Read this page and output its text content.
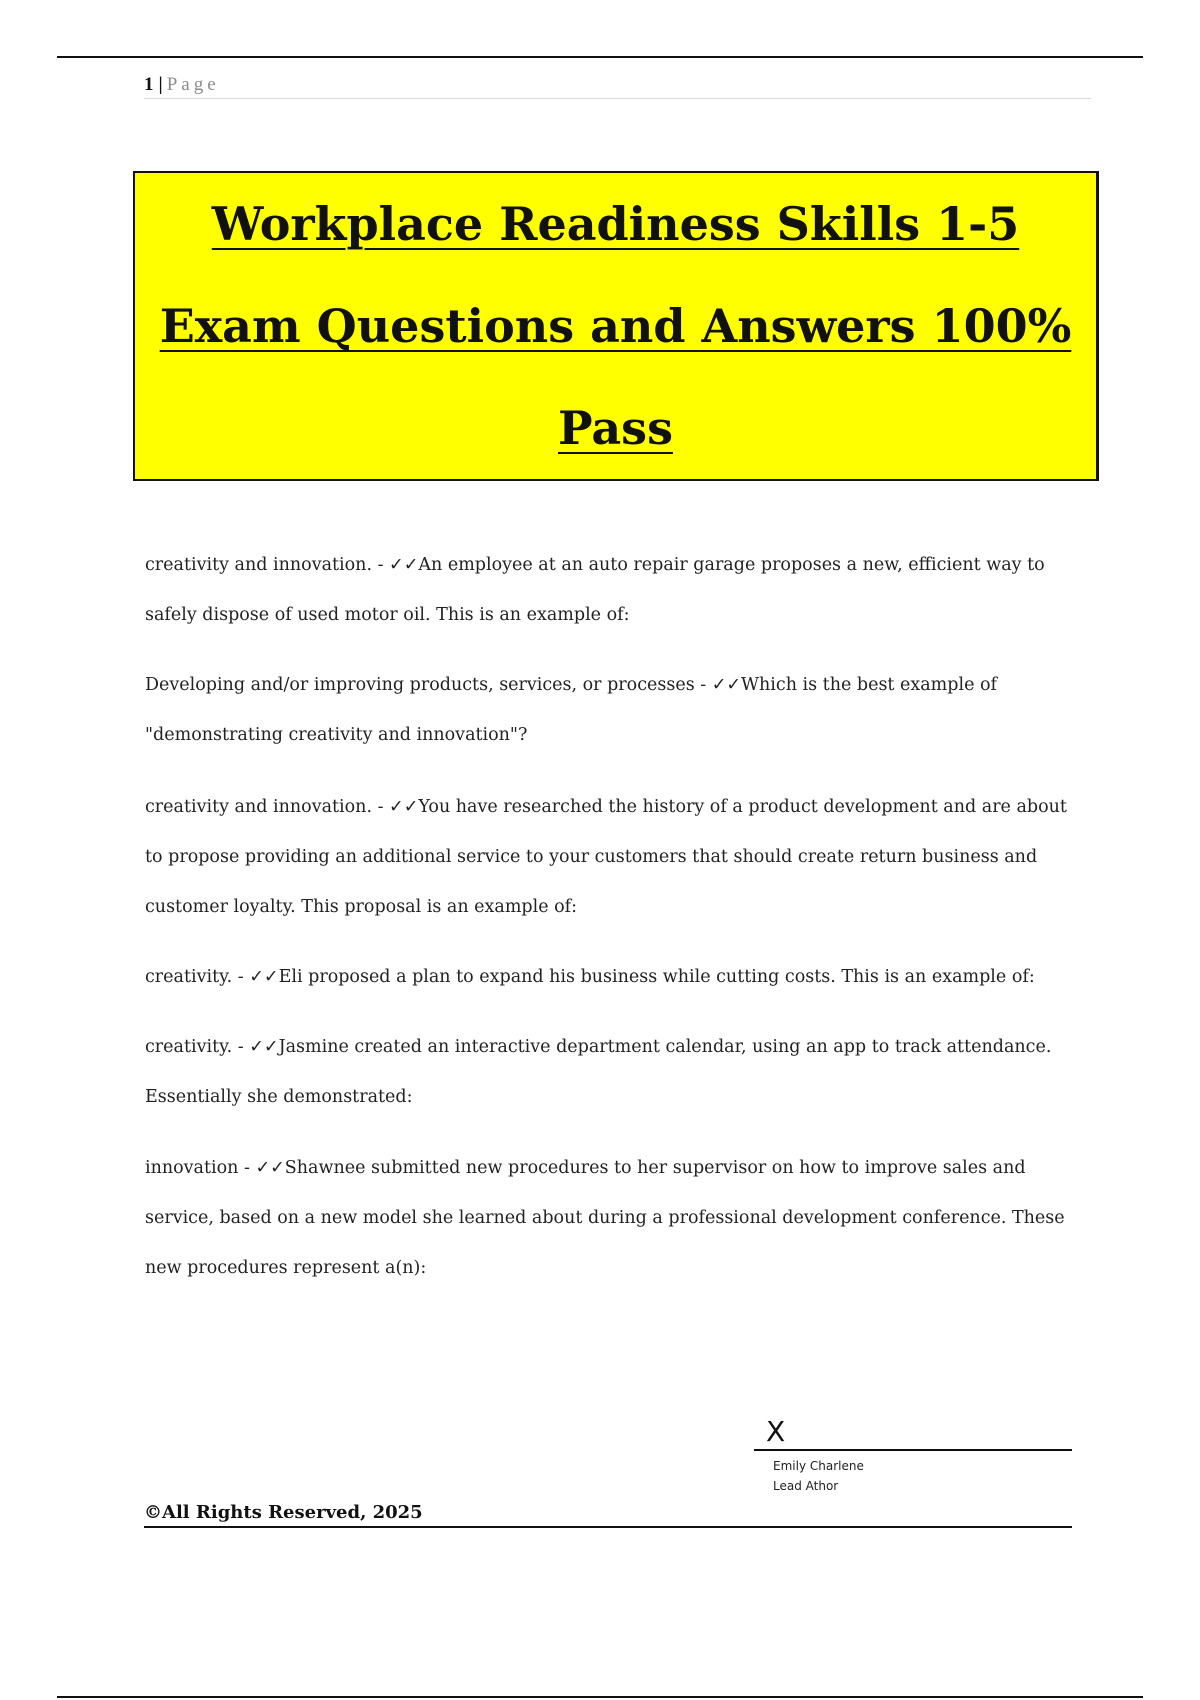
1 | Page
Workplace Readiness Skills 1-5
Exam Questions and Answers 100%
Pass
creativity and innovation. - ✓✓An employee at an auto repair garage proposes a new, efficient way to
safely dispose of used motor oil. This is an example of:
Developing and/or improving products, services, or processes - ✓✓Which is the best example of
"demonstrating creativity and innovation"?
creativity and innovation. - ✓✓You have researched the history of a product development and are about
to propose providing an additional service to your customers that should create return business and
customer loyalty. This proposal is an example of:
creativity. - ✓✓Eli proposed a plan to expand his business while cutting costs. This is an example of:
creativity. - ✓✓Jasmine created an interactive department calendar, using an app to track attendance.
Essentially she demonstrated:
innovation - ✓✓Shawnee submitted new procedures to her supervisor on how to improve sales and
service, based on a new model she learned about during a professional development conference. These
new procedures represent a(n):
X
Emily Charlene
Lead Athor
©All Rights Reserved, 2025
